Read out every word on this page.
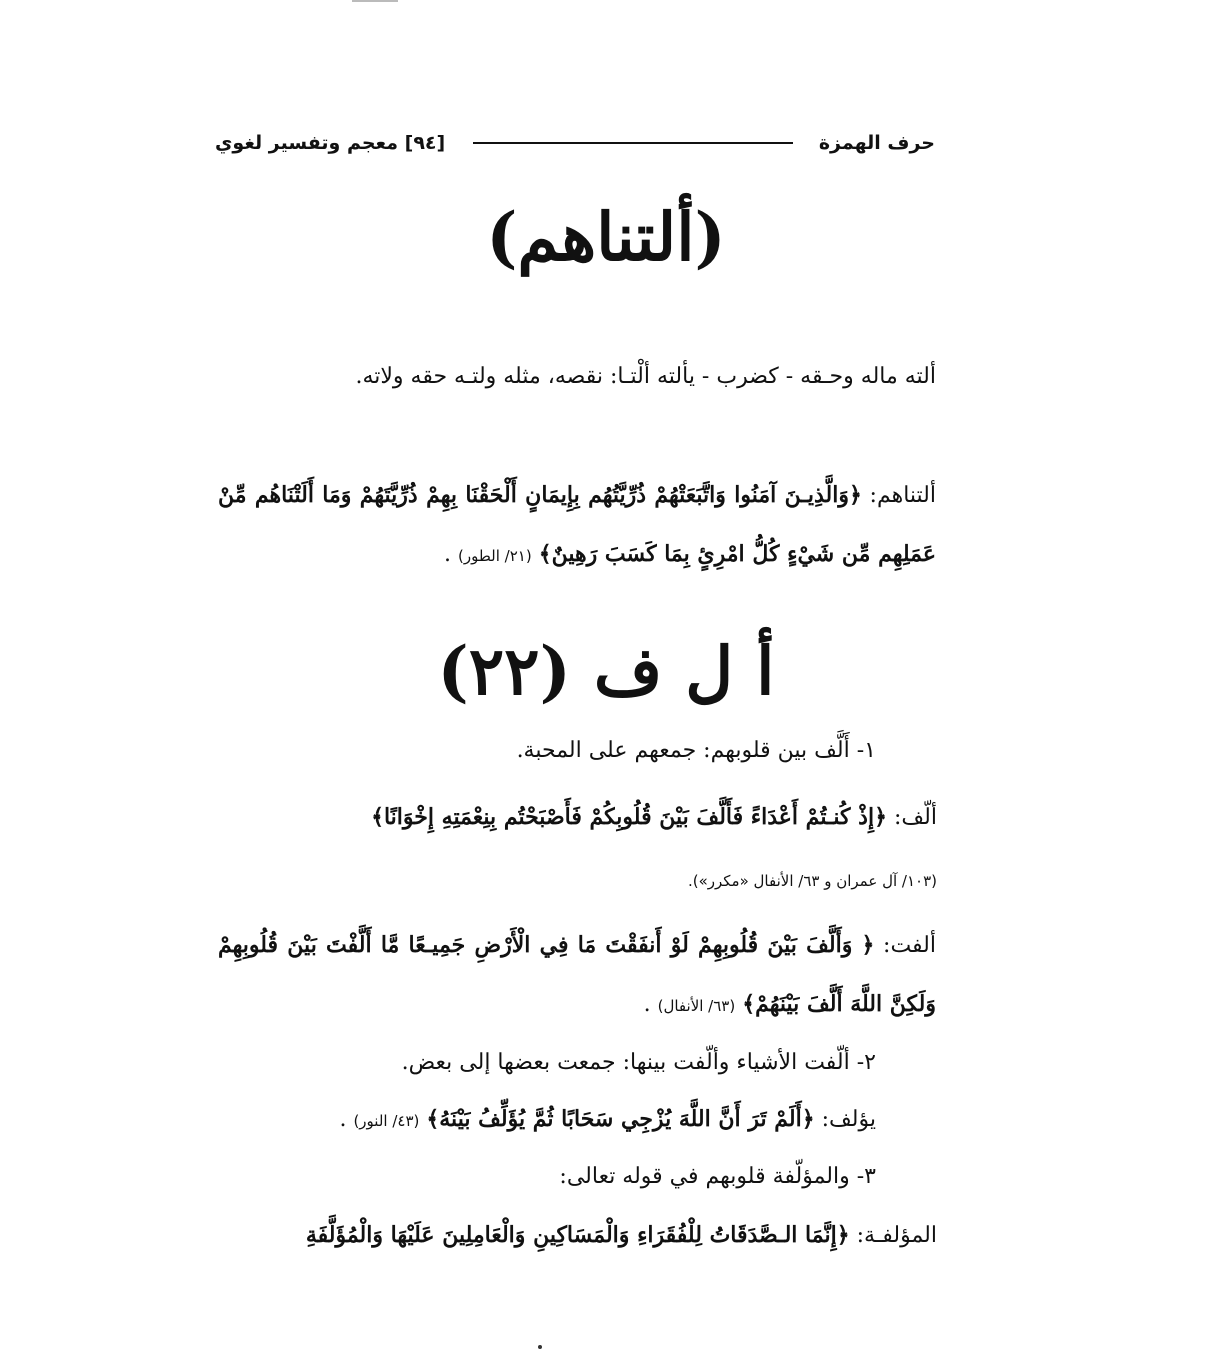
[٩٤] معجم وتفسير لغوي	حرف الهمزة
(ألتناهم)
ألته ماله وحـقه - كضرب - يألته ألْتـا: نقصه، مثله ولتـه حقه ولاته.
ألتناهم: ﴿وَالَّذِيـنَ آمَنُوا وَاتَّبَعَتْهُمْ ذُرِّيَّتُهُم بِإِيمَانٍ أَلْحَقْنَا بِهِمْ ذُرِّيَّتَهُمْ وَمَا أَلَتْنَاهُم مِّنْ عَمَلِهِم مِّن شَيْءٍ كُلُّ امْرِئٍ بِمَا كَسَبَ رَهِينٌ﴾ (٢١/ الطور) .
أ ل ف (٢٢)
١- أَلَّف بين قلوبهم: جمعهم على المحبة.
ألّف: ﴿إِذْ كُنـتُمْ أَعْدَاءً فَأَلَّفَ بَيْنَ قُلُوبِكُمْ فَأَصْبَحْتُم بِنِعْمَتِهِ إِخْوَانًا﴾
(١٠٣/ آل عمران و ٦٣/ الأنفال «مكرر»).
ألفت: ﴿ وَأَلَّفَ بَيْنَ قُلُوبِهِمْ لَوْ أَنفَقْتَ مَا فِي الْأَرْضِ جَمِيـعًا مَّا أَلَّفْتَ بَيْنَ قُلُوبِهِمْ وَلَكِنَّ اللَّهَ أَلَّفَ بَيْنَهُمْ﴾ (٦٣/ الأنفال) .
٢- ألّفت الأشياء وألّفت بينها: جمعت بعضها إلى بعض.
يؤلف: ﴿أَلَمْ تَرَ أَنَّ اللَّهَ يُزْجِي سَحَابًا ثُمَّ يُؤَلِّفُ بَيْنَهُ﴾ (٤٣/ النور) .
٣- والمؤلّفة قلوبهم في قوله تعالى:
المؤلفـة: ﴿إِنَّمَا الـصَّدَقَاتُ لِلْفُقَرَاءِ وَالْمَسَاكِينِ وَالْعَامِلِينَ عَلَيْهَا وَالْمُؤَلَّفَةِ
